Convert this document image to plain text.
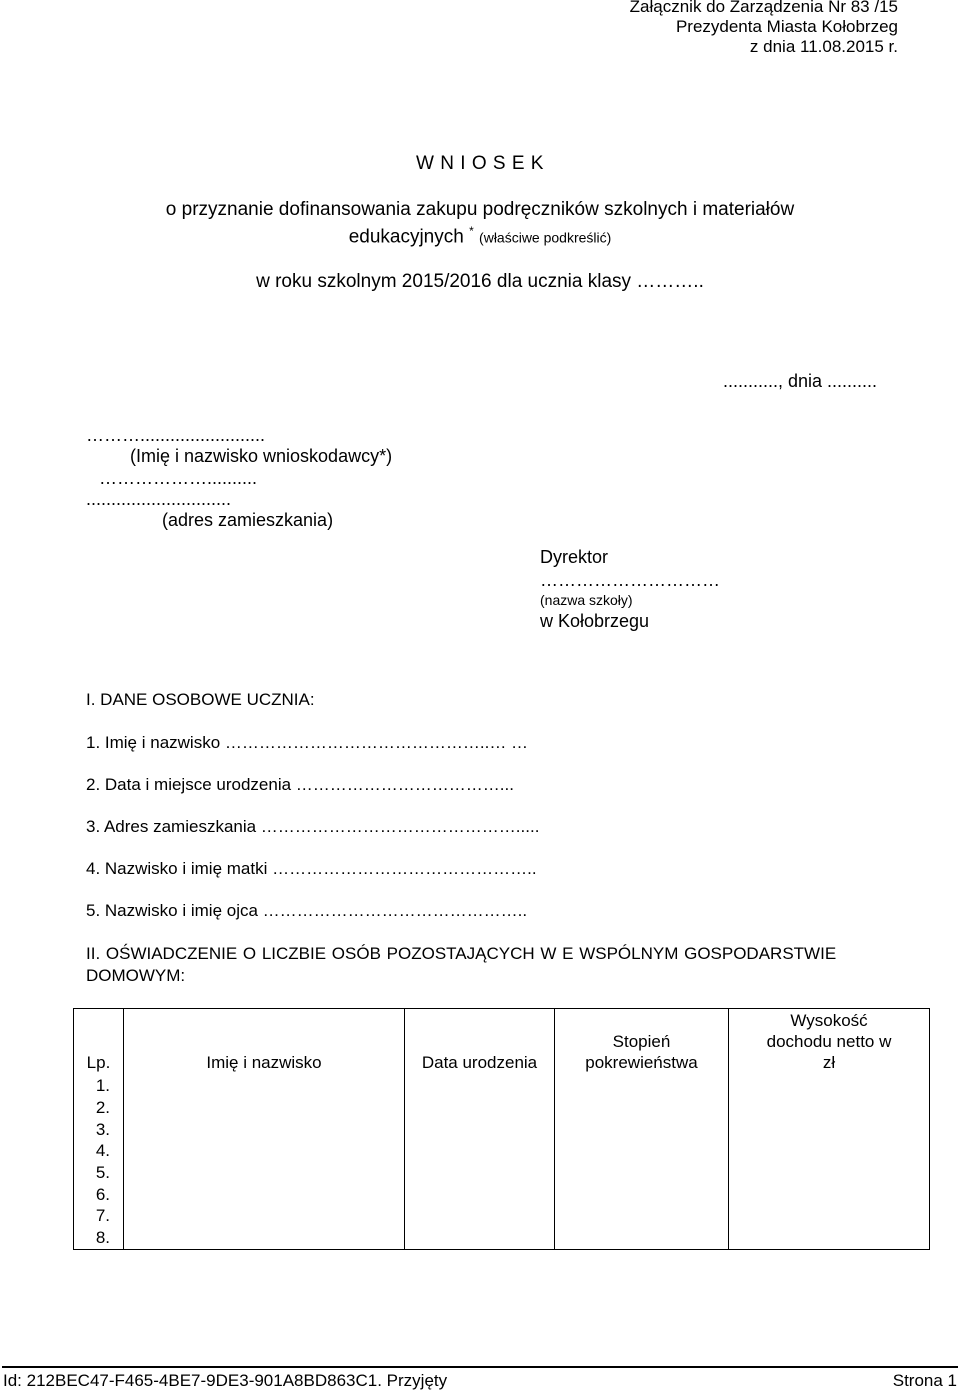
Załącznik do Zarządzenia Nr 83 /15
Prezydenta Miasta Kołobrzeg
z dnia 11.08.2015 r.
W N I O S E K
o przyznanie dofinansowania zakupu podręczników szkolnych i materiałów
edukacyjnych * (właściwe podkreślić)
w roku szkolnym 2015/2016 dla ucznia klasy ………..
..........., dnia ..........
……….........................
(Imię i nazwisko wnioskodawcy*)
………………..........
.............................
(adres zamieszkania)
Dyrektor
…………………………
(nazwa szkoły)
w Kołobrzegu
I. DANE OSOBOWE UCZNIA:
1. Imię i nazwisko ………………………………………..… …
2. Data i miejsce urodzenia ………………………………...
3. Adres zamieszkania ……………………………………….....
4. Nazwisko i imię matki ………………………………………..
5. Nazwisko i imię ojca ………………………………………..
II. OŚWIADCZENIE O LICZBIE OSÓB POZOSTAJĄCYCH W E WSPÓLNYM GOSPODARSTWIE
DOMOWYM:
Lp.	Imię i nazwisko	Data urodzenia	Stopień pokrewieństwa	Wysokość dochodu netto w zł
1.				
2.				
3.				
4.				
5.				
6.				
7.				
8.				
Id: 212BEC47-F465-4BE7-9DE3-901A8BD863C1. Przyjęty	Strona 1
